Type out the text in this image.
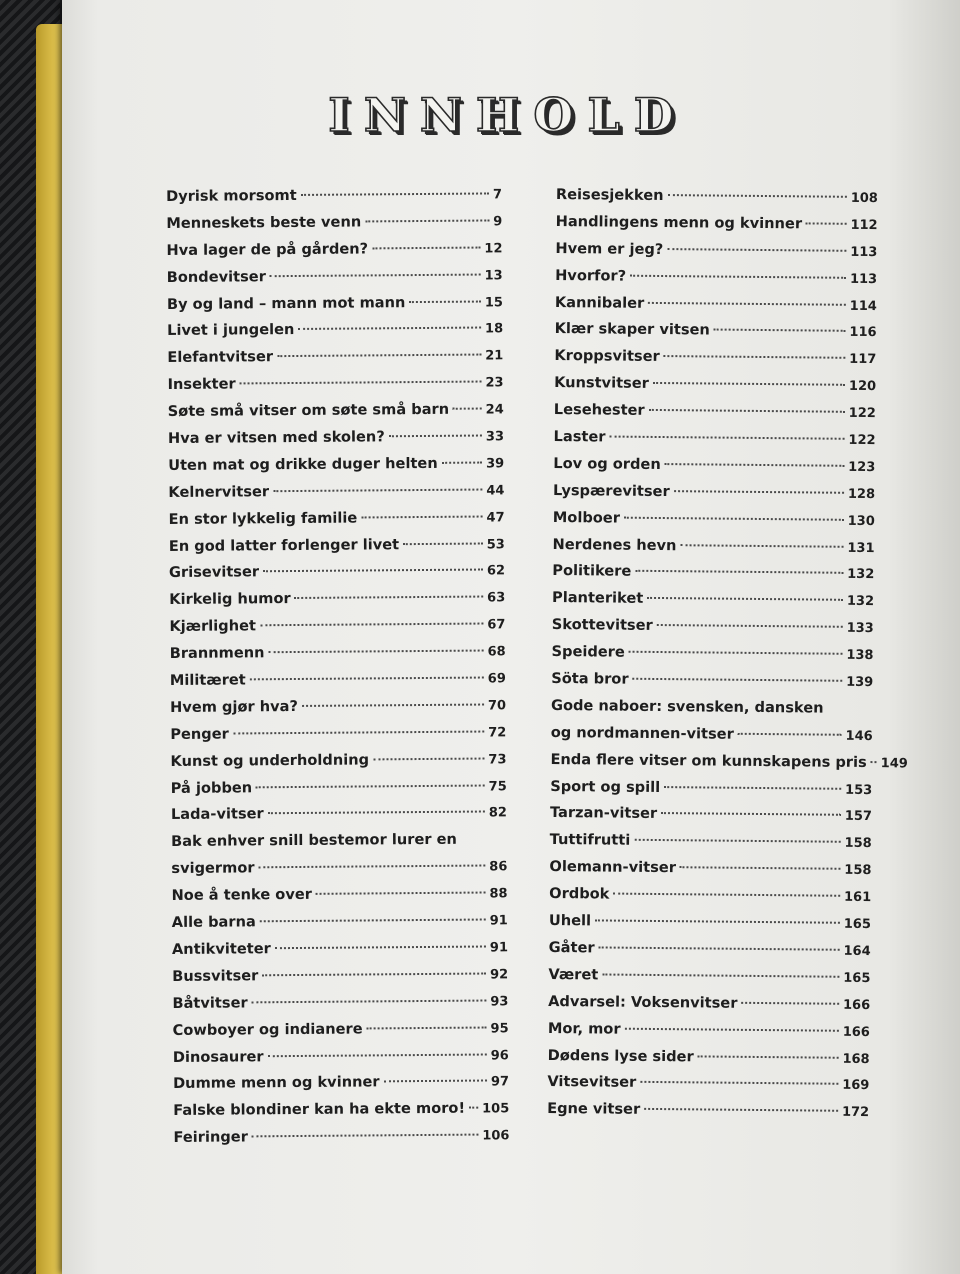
INNHOLD
Dyrisk morsomt	7
Menneskets beste venn	9
Hva lager de på gården?	12
Bondevitser	13
By og land – mann mot mann	15
Livet i jungelen	18
Elefantvitser	21
Insekter	23
Søte små vitser om søte små barn	24
Hva er vitsen med skolen?	33
Uten mat og drikke duger helten	39
Kelnervitser	44
En stor lykkelig familie	47
En god latter forlenger livet	53
Grisevitser	62
Kirkelig humor	63
Kjærlighet	67
Brannmenn	68
Militæret	69
Hvem gjør hva?	70
Penger	72
Kunst og underholdning	73
På jobben	75
Lada-vitser	82
Bak enhver snill bestemor lurer en
svigermor	86
Noe å tenke over	88
Alle barna	91
Antikviteter	91
Bussvitser	92
Båtvitser	93
Cowboyer og indianere	95
Dinosaurer	96
Dumme menn og kvinner	97
Falske blondiner kan ha ekte moro! 105
Feiringer	106
Reisesjekken	108
Handlingens menn og kvinner	112
Hvem er jeg?	113
Hvorfor?	113
Kannibaler	114
Klær skaper vitsen	116
Kroppsvitser	117
Kunstvitser	120
Lesehester	122
Laster	122
Lov og orden	123
Lyspærevitser	128
Molboer	130
Nerdenes hevn	131
Politikere	132
Planteriket	132
Skottevitser	133
Speidere	138
Söta bror	139
Gode naboer: svensken, dansken
og nordmannen-vitser	146
Enda flere vitser om kunnskapens pris 149
Sport og spill	153
Tarzan-vitser	157
Tuttifrutti	158
Olemann-vitser	158
Ordbok	161
Uhell	165
Gåter	164
Været	165
Advarsel: Voksenvitser	166
Mor, mor	166
Dødens lyse sider	168
Vitsevitser	169
Egne vitser	172
